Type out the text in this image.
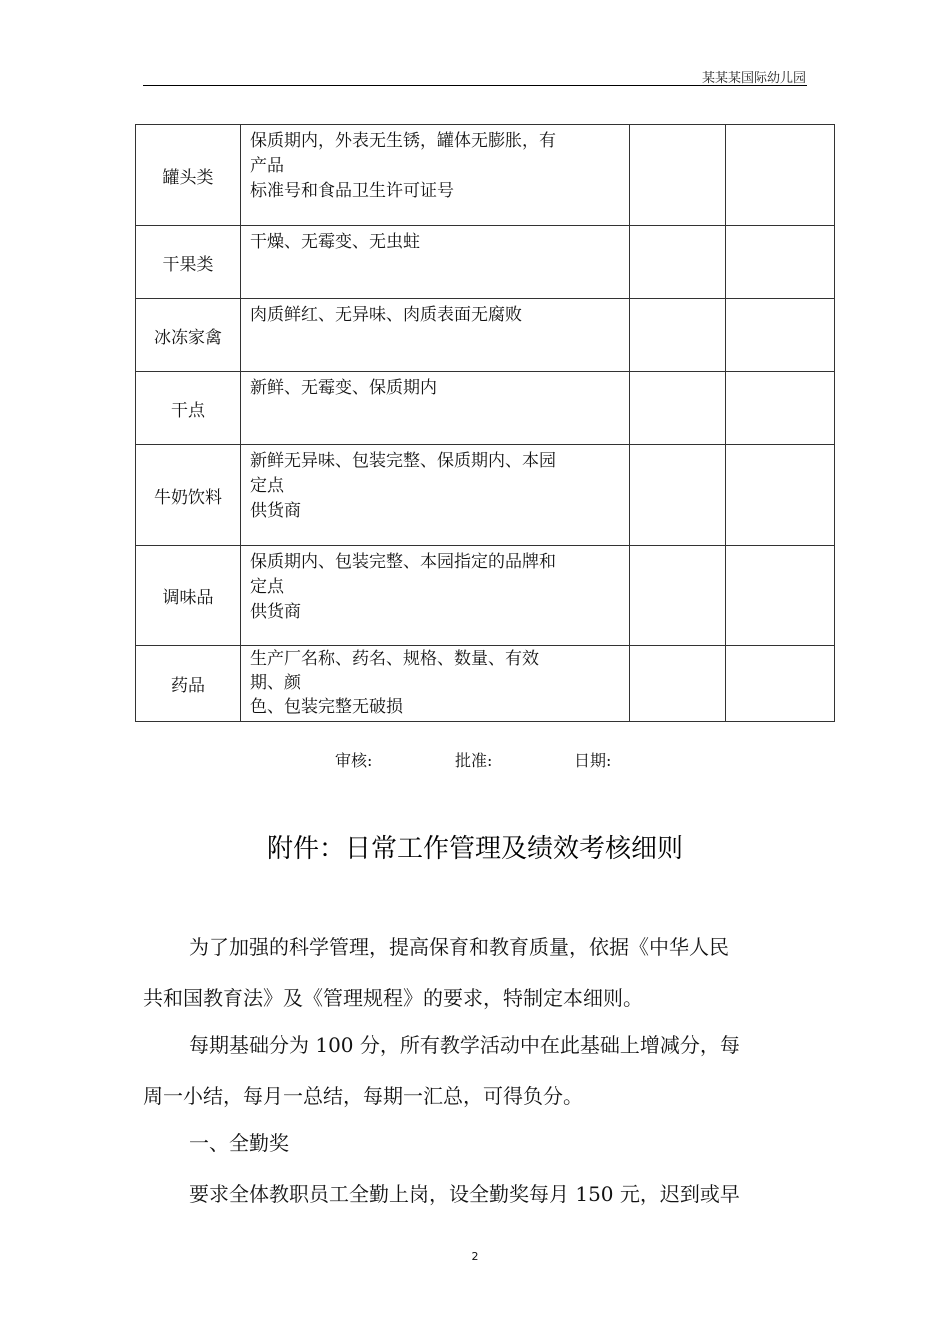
某某某国际幼儿园
罐头类	保质期内，外表无生锈，罐体无膨胀，有
产品
标准号和食品卫生许可证号		

干果类	干燥、无霉变、无虫蛀		

冰冻家禽	肉质鲜红、无异味、肉质表面无腐败		

干点	新鲜、无霉变、保质期内		

牛奶饮料	新鲜无异味、包装完整、保质期内、本园
定点
供货商		

调味品	保质期内、包装完整、本园指定的品牌和
定点
供货商		

药品	生产厂名称、药名、规格、数量、有效
期、颜
色、包装完整无破损		

审核:	批准:	日期:
附件：日常工作管理及绩效考核细则

为了加强的科学管理，提高保育和教育质量，依据《中华人民
共和国教育法》及《管理规程》的要求，特制定本细则。

每期基础分为 100 分，所有教学活动中在此基础上增减分，每
周一小结，每月一总结，每期一汇总，可得负分。

一、全勤奖

要求全体教职员工全勤上岗，设全勤奖每月 150 元，迟到或早

2
